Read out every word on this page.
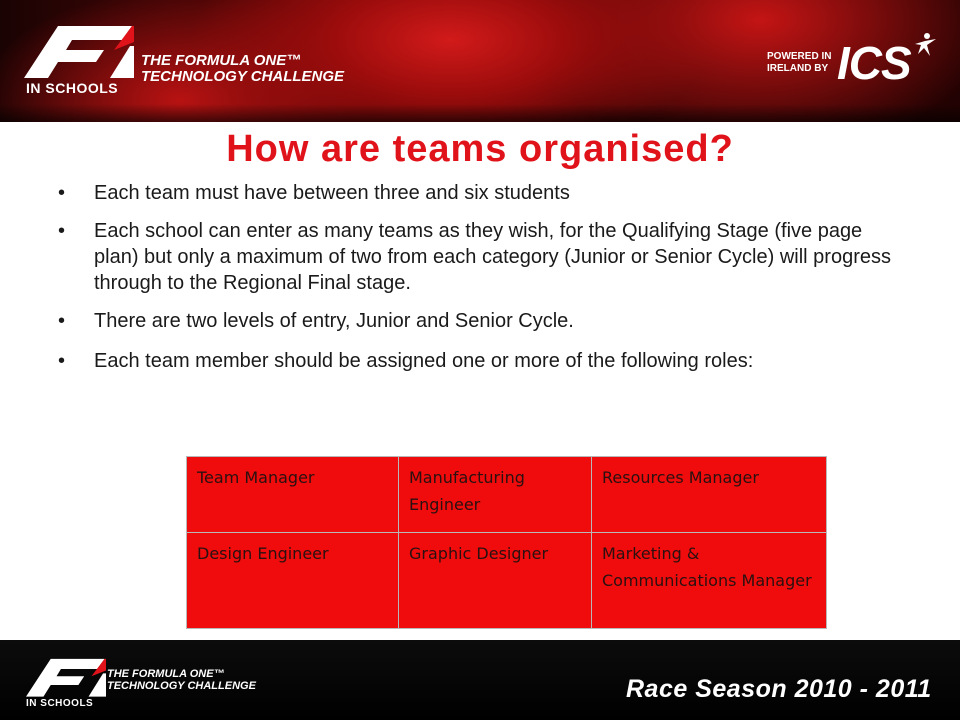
IN SCHOOLS
THE FORMULA ONE™
TECHNOLOGY CHALLENGE
POWERED IN
IRELAND BY ICS
How are teams organised?
• Each team must have between three and six students
• Each school can enter as many teams as they wish, for the Qualifying Stage (five page plan) but only a maximum of two from each category (Junior or Senior Cycle) will progress through to the Regional Final stage.
• There are two levels of entry, Junior and Senior Cycle.
• Each team member should be assigned one or more of the following roles:
Team Manager	Manufacturing Engineer	Resources Manager
Design Engineer	Graphic Designer	Marketing & Communications Manager
IN SCHOOLS
THE FORMULA ONE™
TECHNOLOGY CHALLENGE	Race Season 2010 - 2011
